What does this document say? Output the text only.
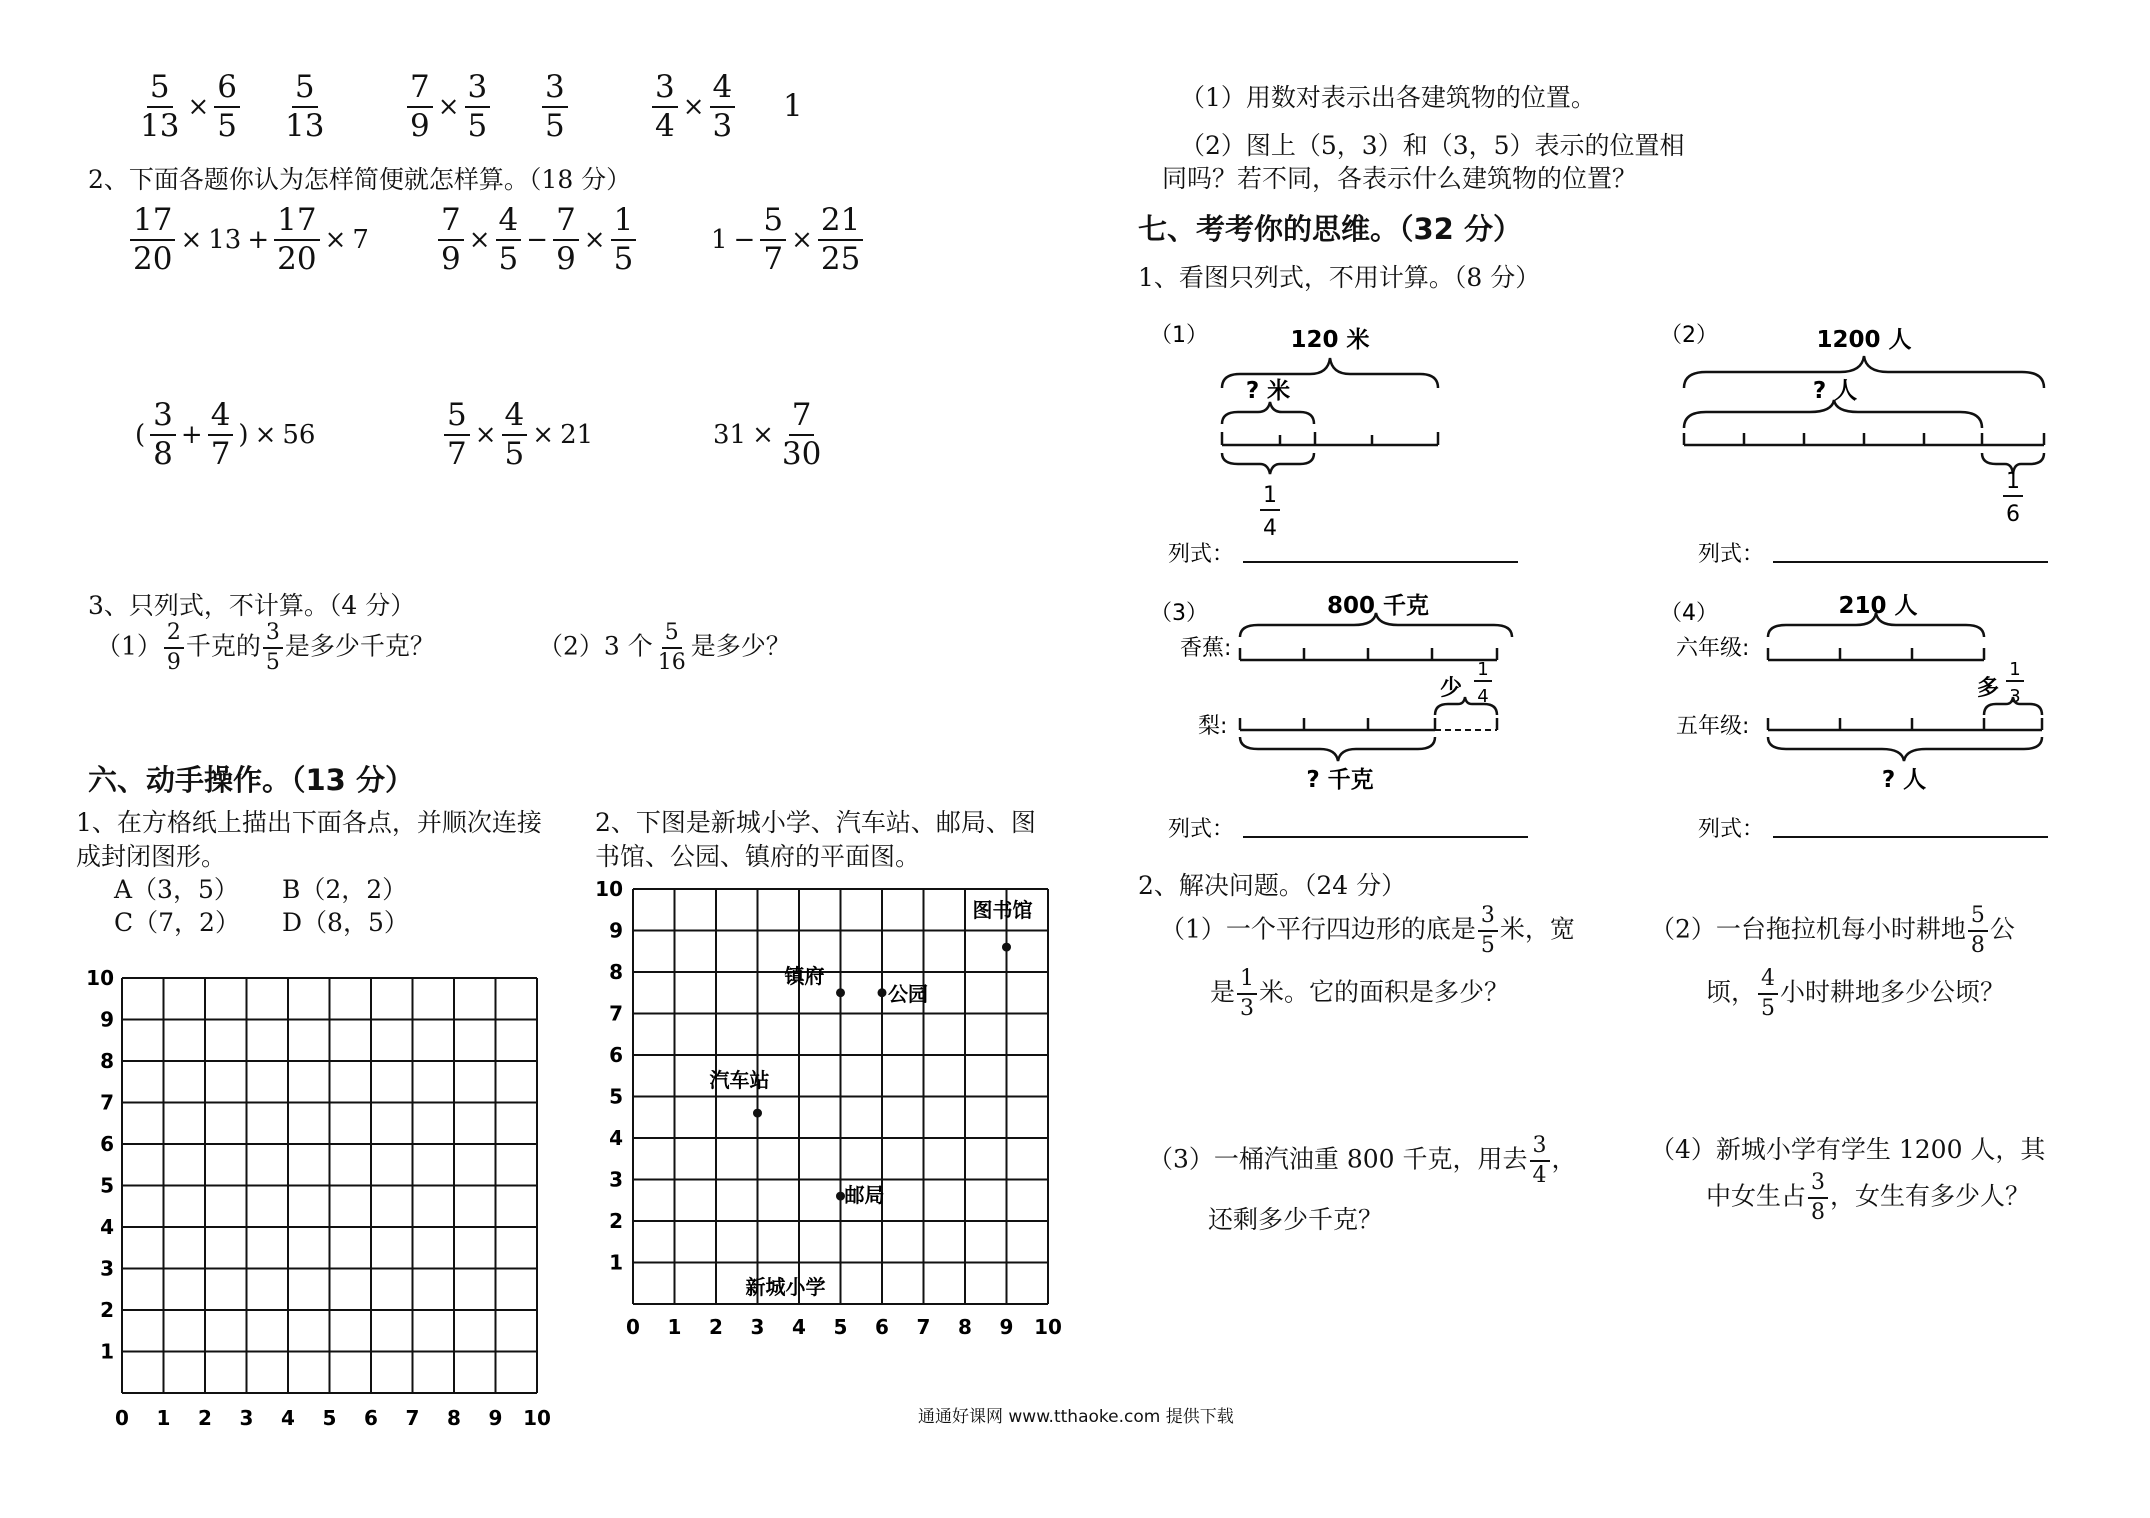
$\frac{5}{13} \times \frac{6}{5} \frac{5}{13}$	$\frac{7}{9} \times \frac{3}{5} \frac{3}{5}$	$\frac{3}{4} \times \frac{4}{3} 1$
2、下面各题你认为怎样简便就怎样算。（18 分）
$\frac{17}{20} \times 13 + \frac{17}{20} \times 7 \frac{7}{9} \times \frac{4}{5} - \frac{7}{9} \times \frac{1}{5}$	$1 - \frac{5}{7} \times \frac{21}{25}$
( $\frac{3}{8} + \frac{4}{7}$ ) × 56	$\frac{5}{7} \times \frac{4}{5} \times 21$	$31 \times \frac{7}{30}$
3、只列式，不计算。（4 分）
$(1) \frac{2}{9}$ 千克的 $\frac{3}{5}$ 是多少千克？	（2）3 个 $\frac{5}{16}$ 是多少？
六、动手操作。（13 分）
1、在方格纸上描出下面各点，并顺次连接
成封闭图形。
A（3，5） B（2，2）
C（7，2） D（8，5）
2、下图是新城小学、汽车站、邮局、图
书馆、公园、镇府的平面图。
0 1
1
2
2
3
3
4
4
5
5
6
6
7
7
8
8
9
9
10
10
0 1
1
2
2
3
3
4
4
5
5
6
6
7
7
8
8
9
9
10
10
图书馆
镇府
公园
汽车站
邮局
新城小学
（1）用数对表示出各建筑物的位置。
（2）图上（5，3）和（3，5）表示的位置相
同吗？若不同，各表示什么建筑物的位置？
七、考考你的思维。（32 分）
1、看图只列式，不用计算。（8 分）
（1）	120 米
? 米
1
4
列式：
（2）	1200 人
? 人
1
6
列式：
（3）	800 千克
香蕉:
少
1
4
梨:
? 千克
列式：
（4）	210 人
六年级:
多
1
3
五年级:
? 人
列式：
2、解决问题。（24 分）
（1）一个平行四边形的底是 $\frac{3}{5}$ 米，宽
是 $\frac{1}{3}$ 米。它的面积是多少？
（2）一台拖拉机每小时耕地 $\frac{5}{8}$ 公
顷， $\frac{4}{5}$ 小时耕地多少公顷？
（3）一桶汽油重 800 千克，用去 $\frac{3}{4}$ ，
还剩多少千克？
（4）新城小学有学生 1200 人，其
中女生占 $\frac{3}{8}$ ，女生有多少人？
通通好课网 www.tthaoke.com 提供下载
